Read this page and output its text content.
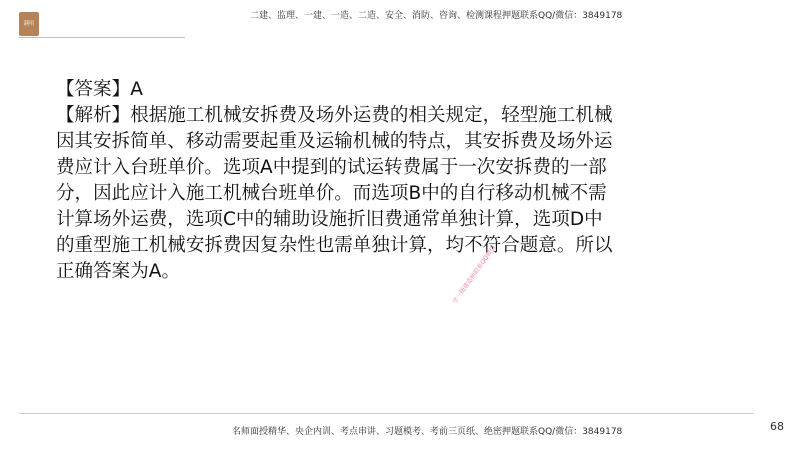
翻明
二建、监理、一建、一造、二造、安全、消防、咨询、检测课程押题联系QQ/微信：3849178

【答案】A

【解析】根据施工机械安拆费及场外运费的相关规定，轻型施工机械因其安拆简单、移动需要起重及运输机械的特点，其安拆费及场外运费应计入台班单价。选项A中提到的试运转费属于一次安拆费的一部分，因此应计入施工机械台班单价。而选项B中的自行移动机械不需计算场外运费，选项C中的辅助设施折旧费通常单独计算，选项D中的重型施工机械安拆费因复杂性也需单独计算，均不符合题意。所以正确答案为A。	学一级建造师联系QQ微信
名师面授精华、央企内训、考点串讲、习题模考、考前三页纸、绝密押题联系QQ/微信：3849178	68
